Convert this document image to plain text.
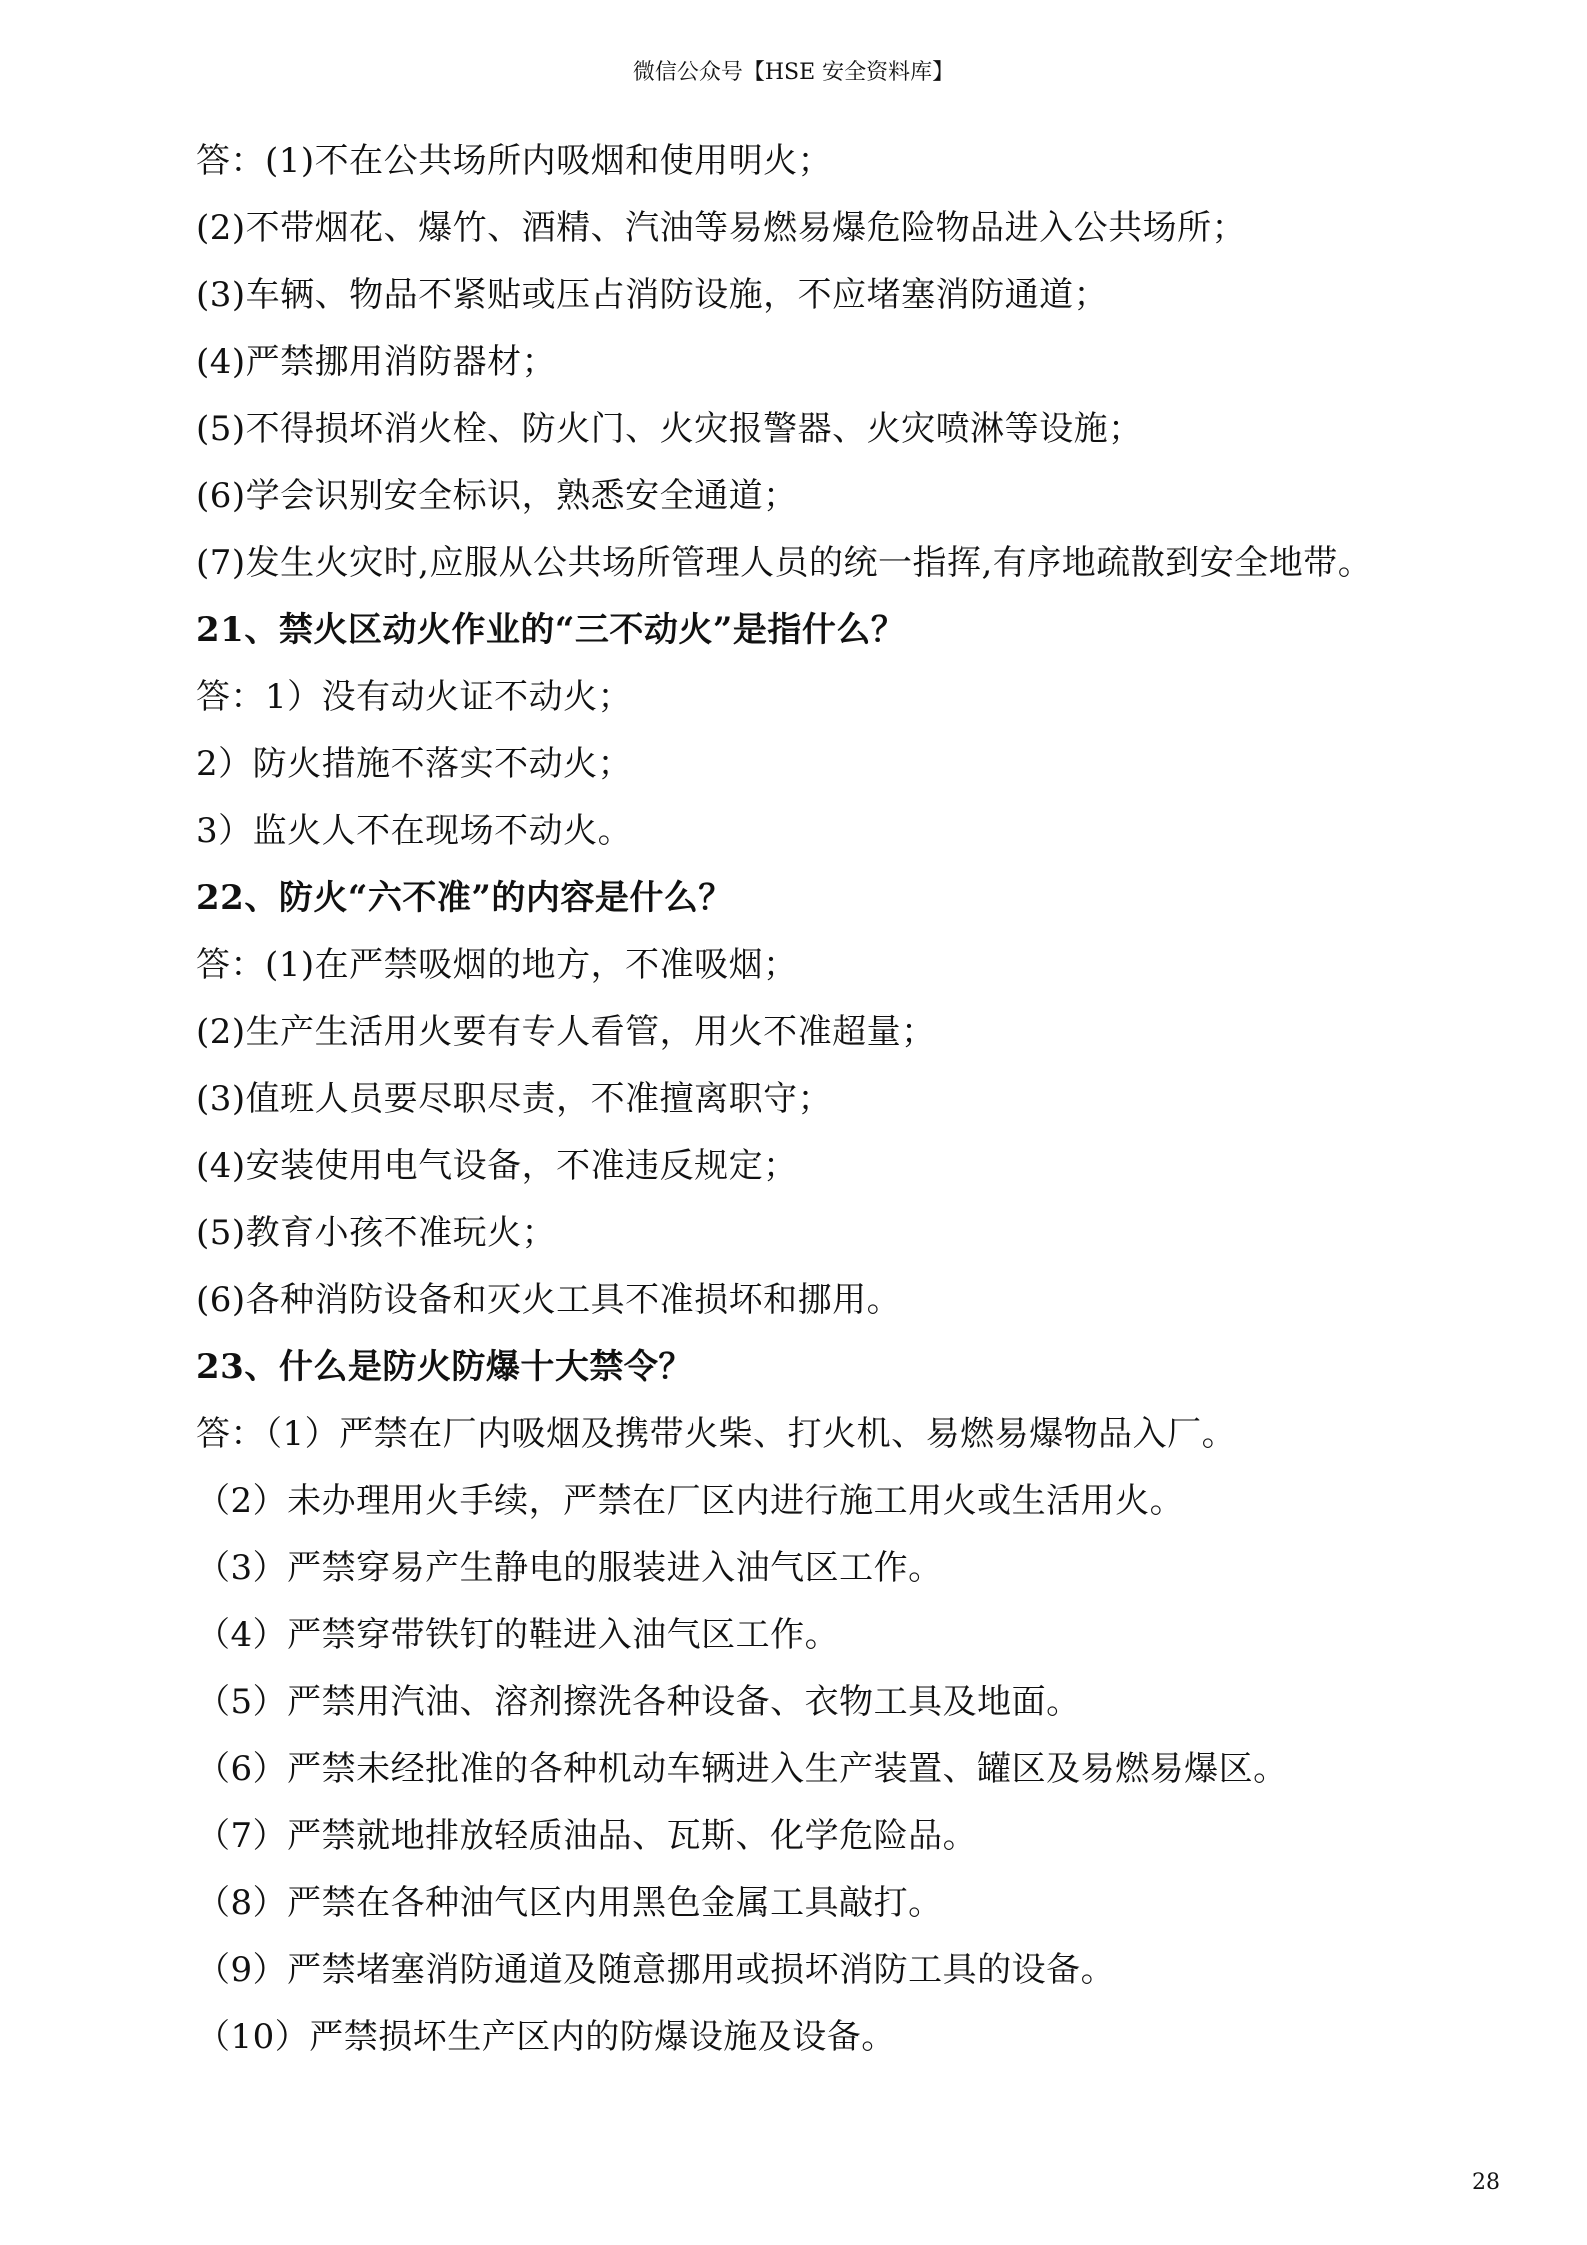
微信公众号【HSE 安全资料库】
答：(1)不在公共场所内吸烟和使用明火；
(2)不带烟花、爆竹、酒精、汽油等易燃易爆危险物品进入公共场所；
(3)车辆、物品不紧贴或压占消防设施，不应堵塞消防通道；
(4)严禁挪用消防器材；
(5)不得损坏消火栓、防火门、火灾报警器、火灾喷淋等设施；
(6)学会识别安全标识，熟悉安全通道；
(7)发生火灾时,应服从公共场所管理人员的统一指挥,有序地疏散到安全地带。
21、禁火区动火作业的“三不动火”是指什么？
答：1）没有动火证不动火；
2）防火措施不落实不动火；
3）监火人不在现场不动火。
22、防火“六不准”的内容是什么？
答：(1)在严禁吸烟的地方，不准吸烟；
(2)生产生活用火要有专人看管，用火不准超量；
(3)值班人员要尽职尽责，不准擅离职守；
(4)安装使用电气设备，不准违反规定；
(5)教育小孩不准玩火；
(6)各种消防设备和灭火工具不准损坏和挪用。
23、什么是防火防爆十大禁令？
答：（1）严禁在厂内吸烟及携带火柴、打火机、易燃易爆物品入厂。
（2）未办理用火手续，严禁在厂区内进行施工用火或生活用火。
（3）严禁穿易产生静电的服装进入油气区工作。
（4）严禁穿带铁钉的鞋进入油气区工作。
（5）严禁用汽油、溶剂擦洗各种设备、衣物工具及地面。
（6）严禁未经批准的各种机动车辆进入生产装置、罐区及易燃易爆区。
（7）严禁就地排放轻质油品、瓦斯、化学危险品。
（8）严禁在各种油气区内用黑色金属工具敲打。
（9）严禁堵塞消防通道及随意挪用或损坏消防工具的设备。
（10）严禁损坏生产区内的防爆设施及设备。
28
